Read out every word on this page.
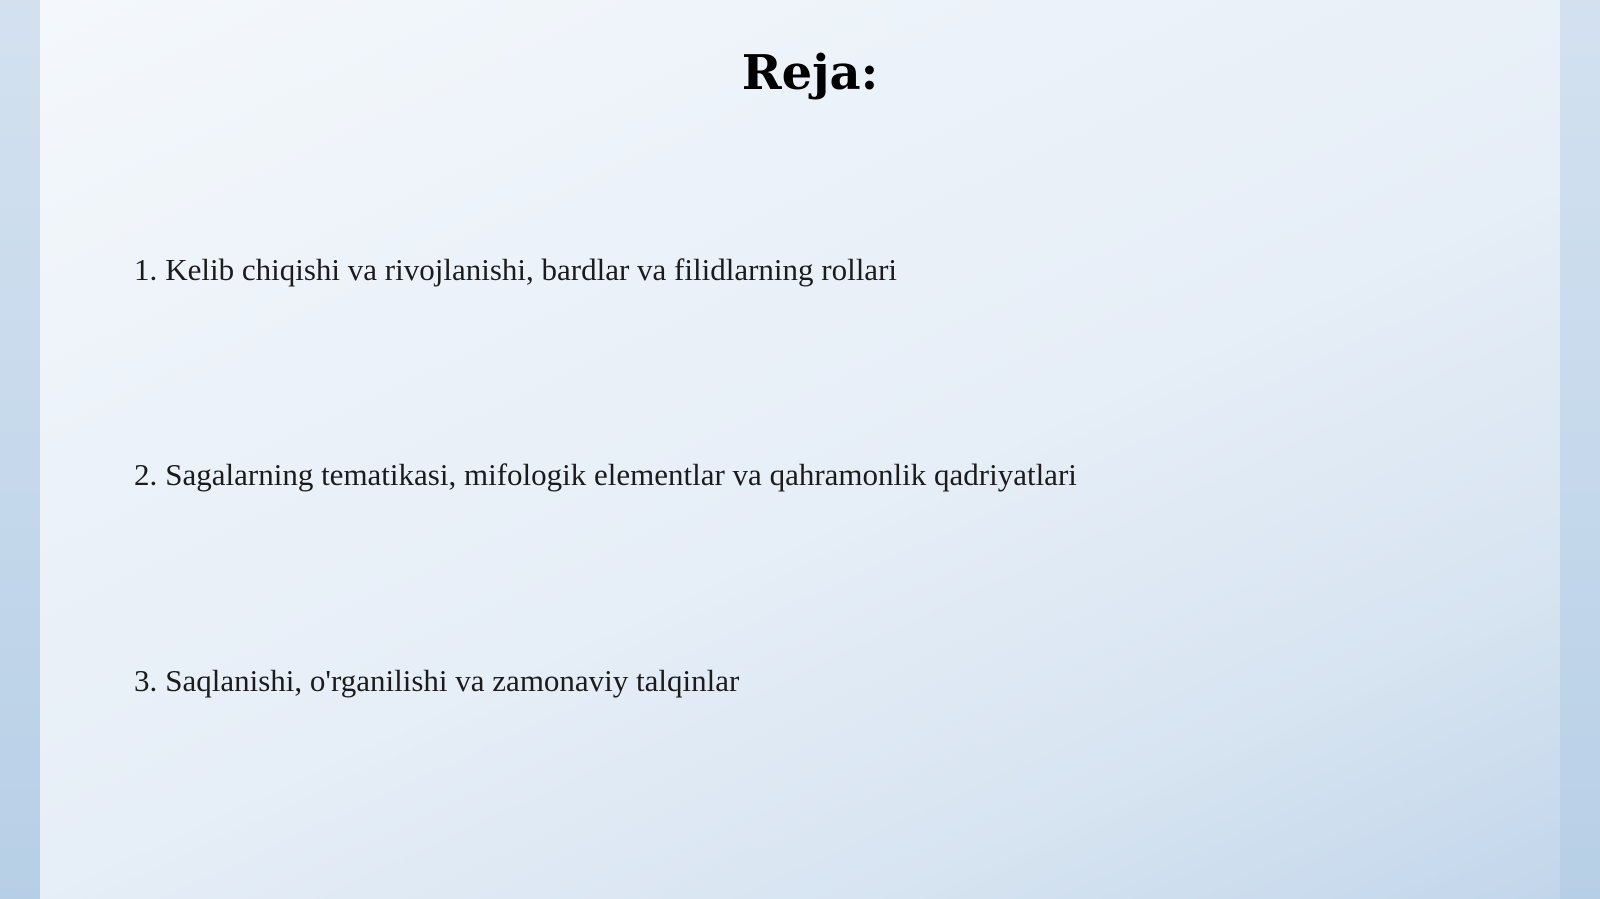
Reja:
1. Kelib chiqishi va rivojlanishi, bardlar va filidlarning rollari
2. Sagalarning tematikasi, mifologik elementlar va qahramonlik qadriyatlari
3. Saqlanishi, o'rganilishi va zamonaviy talqinlar
